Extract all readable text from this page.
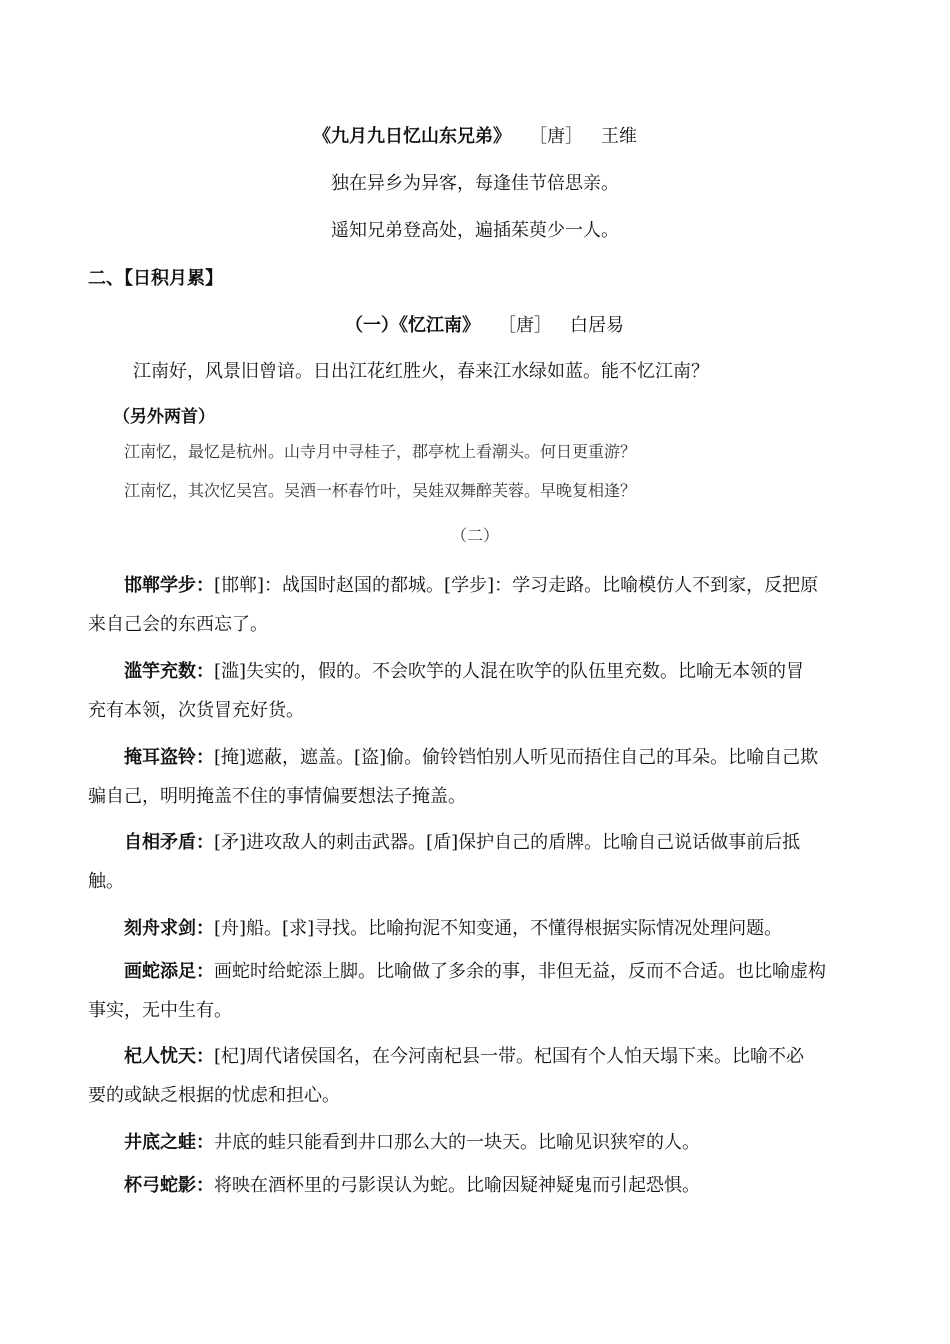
《九月九日忆山东兄弟》 ［唐］ 王维
独在异乡为异客，每逢佳节倍思亲。
遥知兄弟登高处，遍插茱萸少一人。
二、【日积月累】
（一）《忆江南》 ［唐］ 白居易
江南好，风景旧曾谙。日出江花红胜火，春来江水绿如蓝。能不忆江南？
（另外两首）
江南忆，最忆是杭州。山寺月中寻桂子，郡亭枕上看潮头。何日更重游？
江南忆，其次忆吴宫。吴酒一杯春竹叶，吴娃双舞醉芙蓉。早晚复相逢？
（二）
邯郸学步：[邯郸]：战国时赵国的都城。[学步]：学习走路。比喻模仿人不到家，反把原
来自己会的东西忘了。
滥竽充数：[滥]失实的，假的。不会吹竽的人混在吹竽的队伍里充数。比喻无本领的冒
充有本领，次货冒充好货。
掩耳盗铃：[掩]遮蔽，遮盖。[盗]偷。偷铃铛怕别人听见而捂住自己的耳朵。比喻自己欺
骗自己，明明掩盖不住的事情偏要想法子掩盖。
自相矛盾：[矛]进攻敌人的刺击武器。[盾]保护自己的盾牌。比喻自己说话做事前后抵
触。
刻舟求剑：[舟]船。[求]寻找。比喻拘泥不知变通，不懂得根据实际情况处理问题。
画蛇添足：画蛇时给蛇添上脚。比喻做了多余的事，非但无益，反而不合适。也比喻虚构
事实，无中生有。
杞人忧天：[杞]周代诸侯国名，在今河南杞县一带。杞国有个人怕天塌下来。比喻不必
要的或缺乏根据的忧虑和担心。
井底之蛙：井底的蛙只能看到井口那么大的一块天。比喻见识狭窄的人。
杯弓蛇影：将映在酒杯里的弓影误认为蛇。比喻因疑神疑鬼而引起恐惧。
